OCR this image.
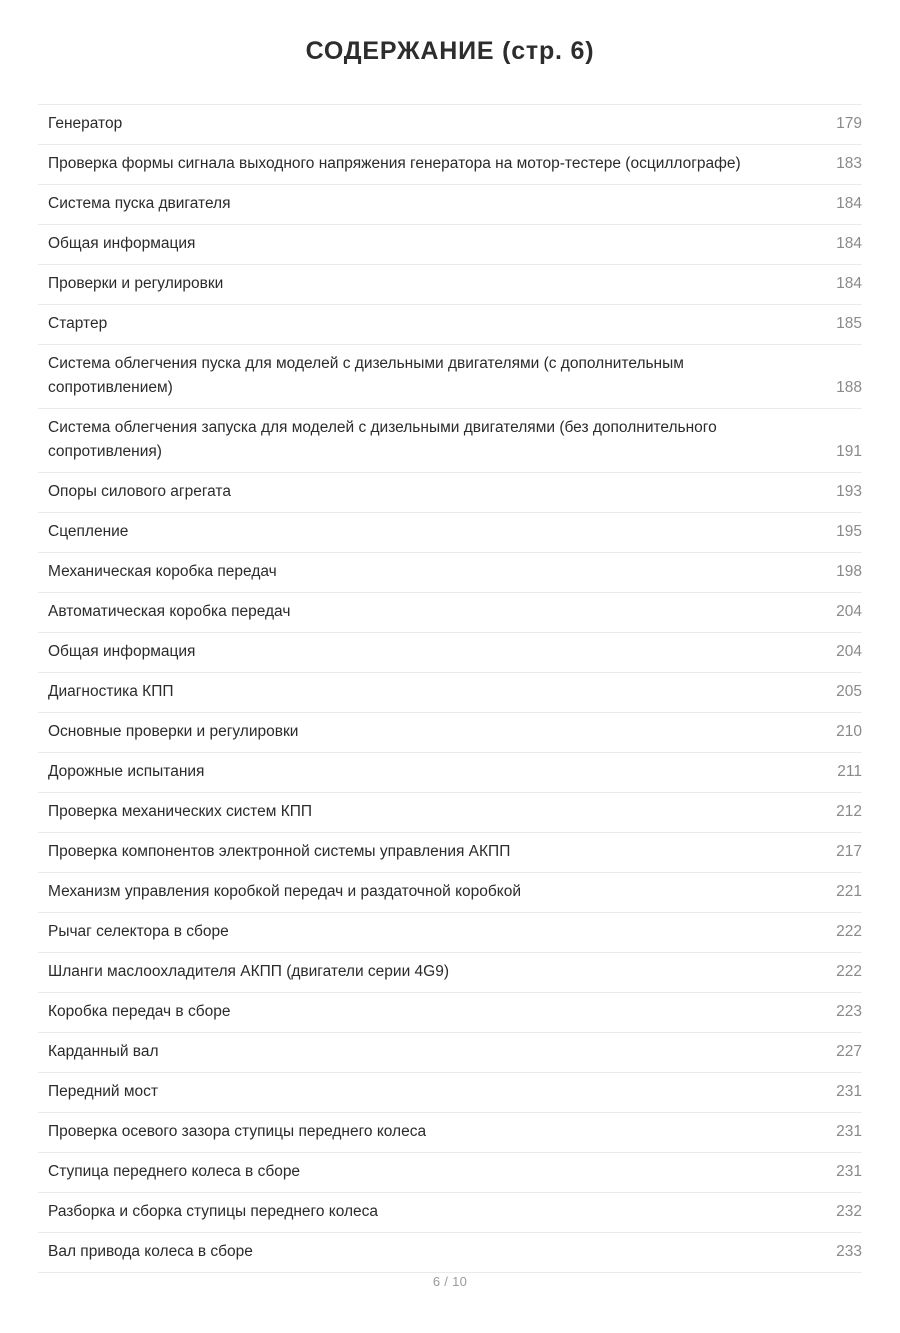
СОДЕРЖАНИЕ (стр. 6)
Генератор	179
Проверка формы сигнала выходного напряжения генератора на мотор-тестере (осциллографе)	183
Система пуска двигателя	184
Общая информация	184
Проверки и регулировки	184
Стартер	185
Система облегчения пуска для моделей с дизельными двигателями (с дополнительным сопротивлением)	188
Система облегчения запуска для моделей с дизельными двигателями (без дополнительного сопротивления)	191
Опоры силового агрегата	193
Сцепление	195
Механическая коробка передач	198
Автоматическая коробка передач	204
Общая информация	204
Диагностика КПП	205
Основные проверки и регулировки	210
Дорожные испытания	211
Проверка механических систем КПП	212
Проверка компонентов электронной системы управления АКПП	217
Механизм управления коробкой передач и раздаточной коробкой	221
Рычаг селектора в сборе	222
Шланги маслоохладителя АКПП (двигатели серии 4G9)	222
Коробка передач в сборе	223
Карданный вал	227
Передний мост	231
Проверка осевого зазора ступицы переднего колеса	231
Ступица переднего колеса в сборе	231
Разборка и сборка ступицы переднего колеса	232
Вал привода колеса в сборе	233
6 / 10
